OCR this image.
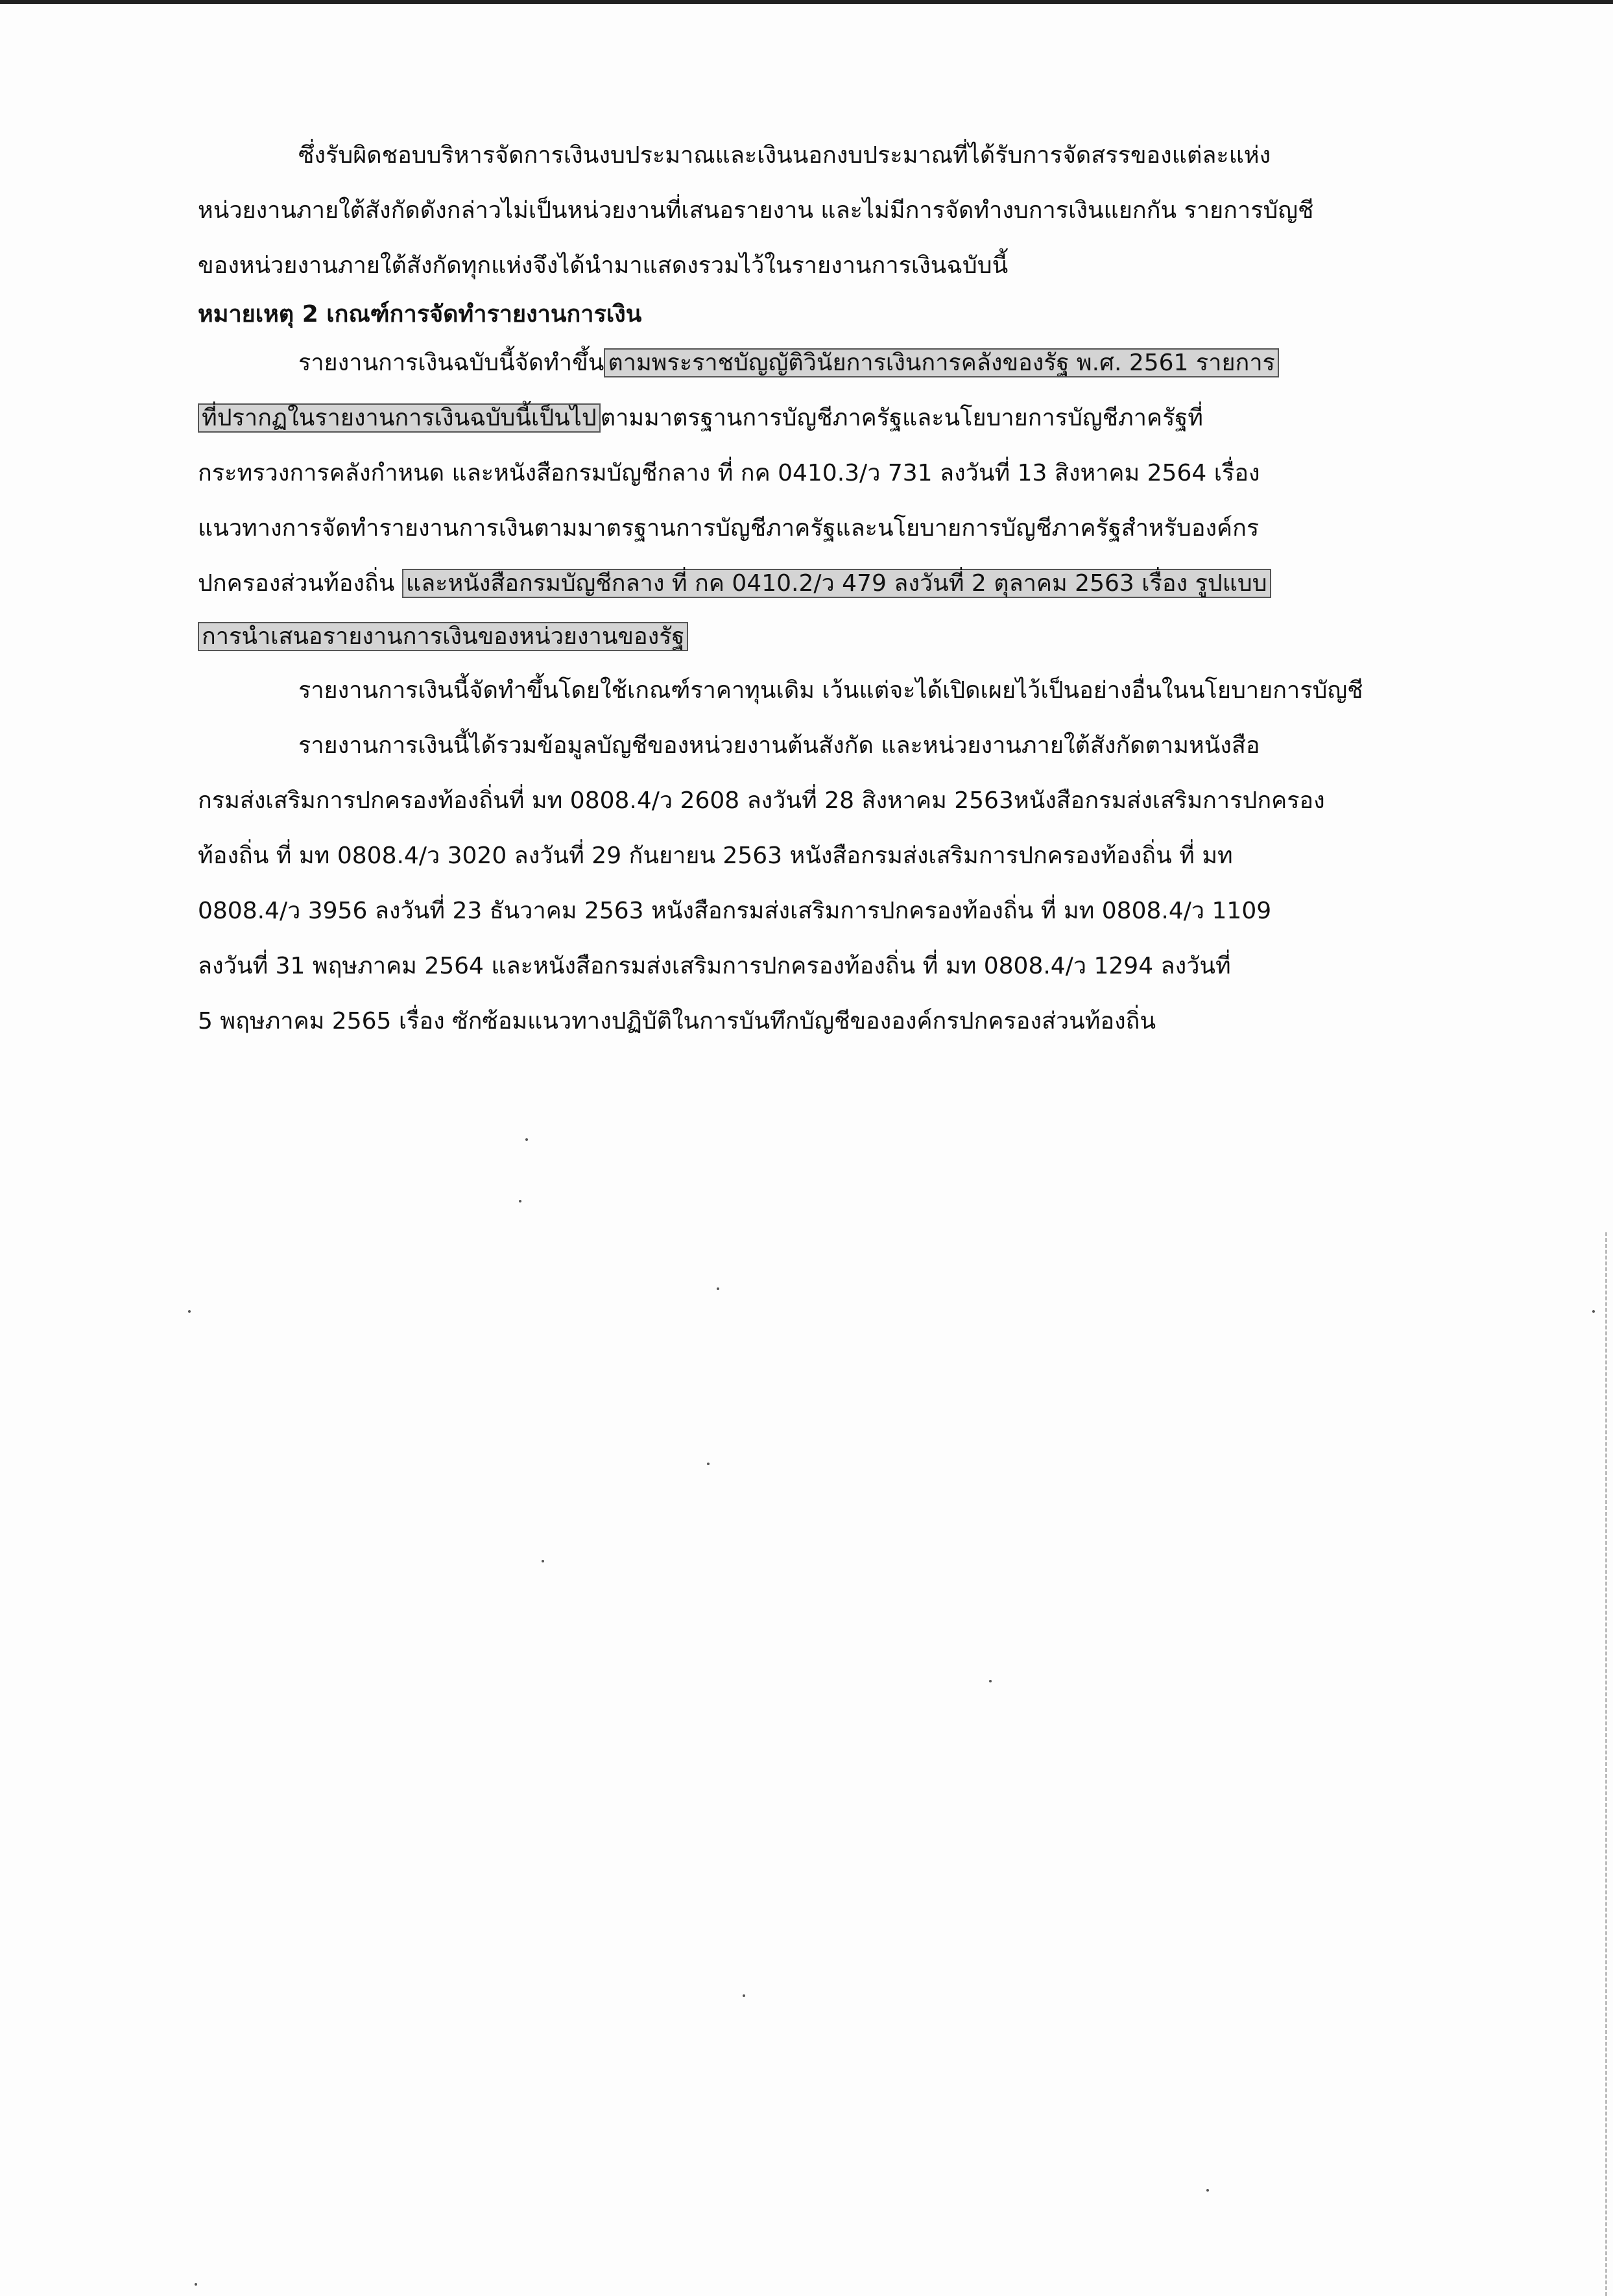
ซึ่งรับผิดชอบบริหารจัดการเงินงบประมาณและเงินนอกงบประมาณที่ได้รับการจัดสรรของแต่ละแห่ง
หน่วยงานภายใต้สังกัดดังกล่าวไม่เป็นหน่วยงานที่เสนอรายงาน และไม่มีการจัดทำงบการเงินแยกกัน รายการบัญชี
ของหน่วยงานภายใต้สังกัดทุกแห่งจึงได้นำมาแสดงรวมไว้ในรายงานการเงินฉบับนี้
หมายเหตุ 2 เกณฑ์การจัดทำรายงานการเงิน
รายงานการเงินฉบับนี้จัดทำขึ้น ตามพระราชบัญญัติวินัยการเงินการคลังของรัฐ พ.ศ. 2561 รายการ
ที่ปรากฏในรายงานการเงินฉบับนี้เป็นไป ตามมาตรฐานการบัญชีภาครัฐและนโยบายการบัญชีภาครัฐที่
กระทรวงการคลังกำหนด และหนังสือกรมบัญชีกลาง ที่ กค 0410.3/ว 731 ลงวันที่ 13 สิงหาคม 2564 เรื่อง
แนวทางการจัดทำรายงานการเงินตามมาตรฐานการบัญชีภาครัฐและนโยบายการบัญชีภาครัฐสำหรับองค์กร
ปกครองส่วนท้องถิ่น และหนังสือกรมบัญชีกลาง ที่ กค 0410.2/ว 479 ลงวันที่ 2 ตุลาคม 2563 เรื่อง รูปแบบ
การนำเสนอรายงานการเงินของหน่วยงานของรัฐ
รายงานการเงินนี้จัดทำขึ้นโดยใช้เกณฑ์ราคาทุนเดิม เว้นแต่จะได้เปิดเผยไว้เป็นอย่างอื่นในนโยบายการบัญชี
รายงานการเงินนี้ได้รวมข้อมูลบัญชีของหน่วยงานต้นสังกัด และหน่วยงานภายใต้สังกัดตามหนังสือ
กรมส่งเสริมการปกครองท้องถิ่นที่ มท 0808.4/ว 2608 ลงวันที่ 28 สิงหาคม 2563หนังสือกรมส่งเสริมการปกครอง
ท้องถิ่น ที่ มท 0808.4/ว 3020 ลงวันที่ 29 กันยายน 2563 หนังสือกรมส่งเสริมการปกครองท้องถิ่น ที่ มท
0808.4/ว 3956 ลงวันที่ 23 ธันวาคม 2563 หนังสือกรมส่งเสริมการปกครองท้องถิ่น ที่ มท 0808.4/ว 1109
ลงวันที่ 31 พฤษภาคม 2564 และหนังสือกรมส่งเสริมการปกครองท้องถิ่น ที่ มท 0808.4/ว 1294 ลงวันที่
5 พฤษภาคม 2565 เรื่อง ซักซ้อมแนวทางปฏิบัติในการบันทึกบัญชีขององค์กรปกครองส่วนท้องถิ่น
